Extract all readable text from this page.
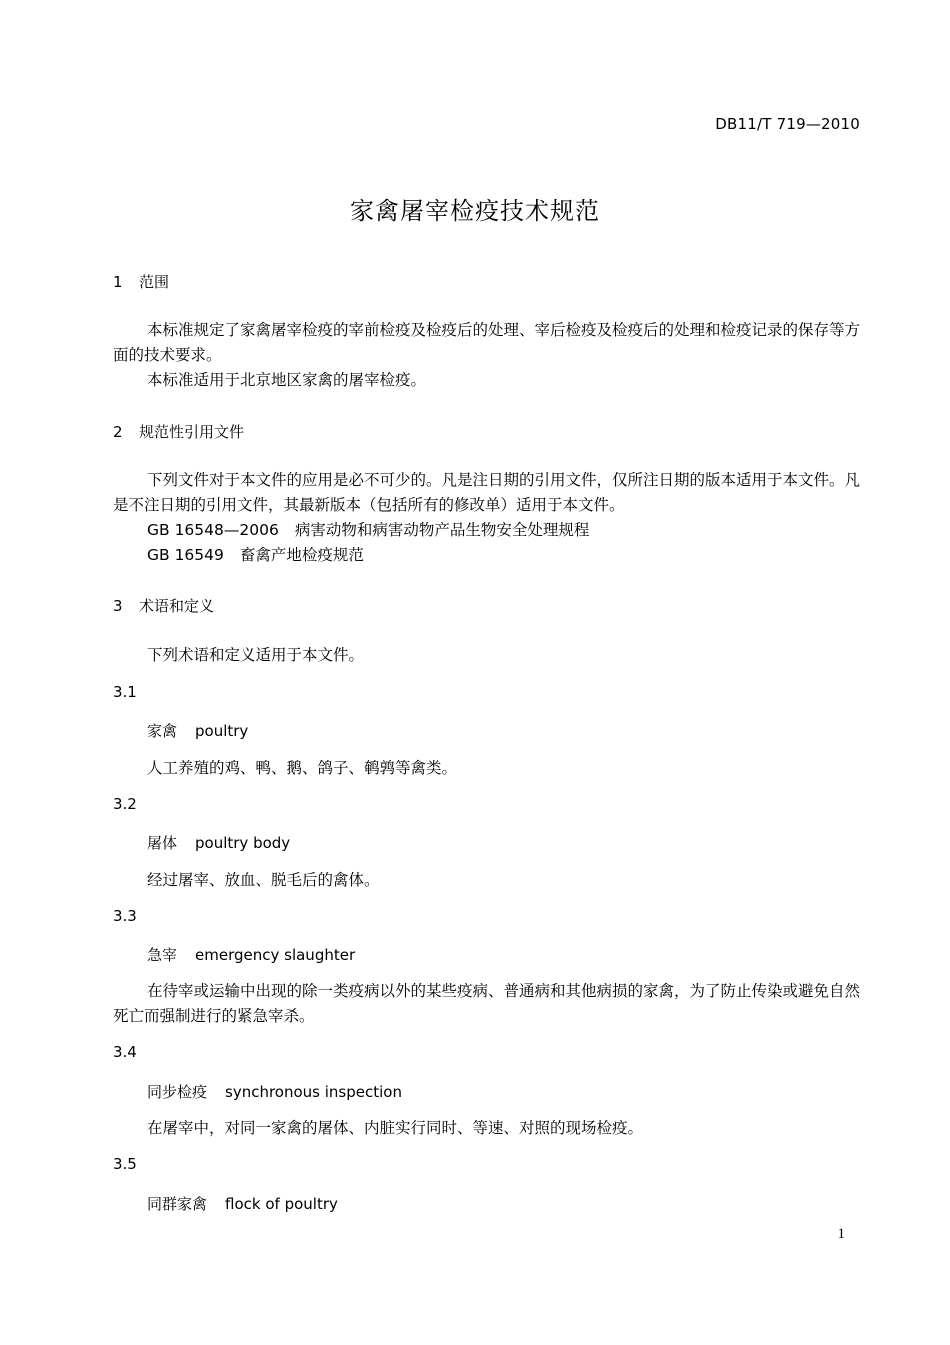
DB11/T 719—2010
家禽屠宰检疫技术规范
1 范围
本标准规定了家禽屠宰检疫的宰前检疫及检疫后的处理、宰后检疫及检疫后的处理和检疫记录的保存等方面的技术要求。
本标准适用于北京地区家禽的屠宰检疫。
2 规范性引用文件
下列文件对于本文件的应用是必不可少的。凡是注日期的引用文件，仅所注日期的版本适用于本文件。凡是不注日期的引用文件，其最新版本（包括所有的修改单）适用于本文件。
GB 16548—2006 病害动物和病害动物产品生物安全处理规程
GB 16549 畜禽产地检疫规范
3 术语和定义
下列术语和定义适用于本文件。
3.1
家禽 poultry
人工养殖的鸡、鸭、鹅、鸽子、鹌鹑等禽类。
3.2
屠体 poultry body
经过屠宰、放血、脱毛后的禽体。
3.3
急宰 emergency slaughter
在待宰或运输中出现的除一类疫病以外的某些疫病、普通病和其他病损的家禽，为了防止传染或避免自然死亡而强制进行的紧急宰杀。
3.4
同步检疫 synchronous inspection
在屠宰中，对同一家禽的屠体、内脏实行同时、等速、对照的现场检疫。
3.5
同群家禽 flock of poultry
1
